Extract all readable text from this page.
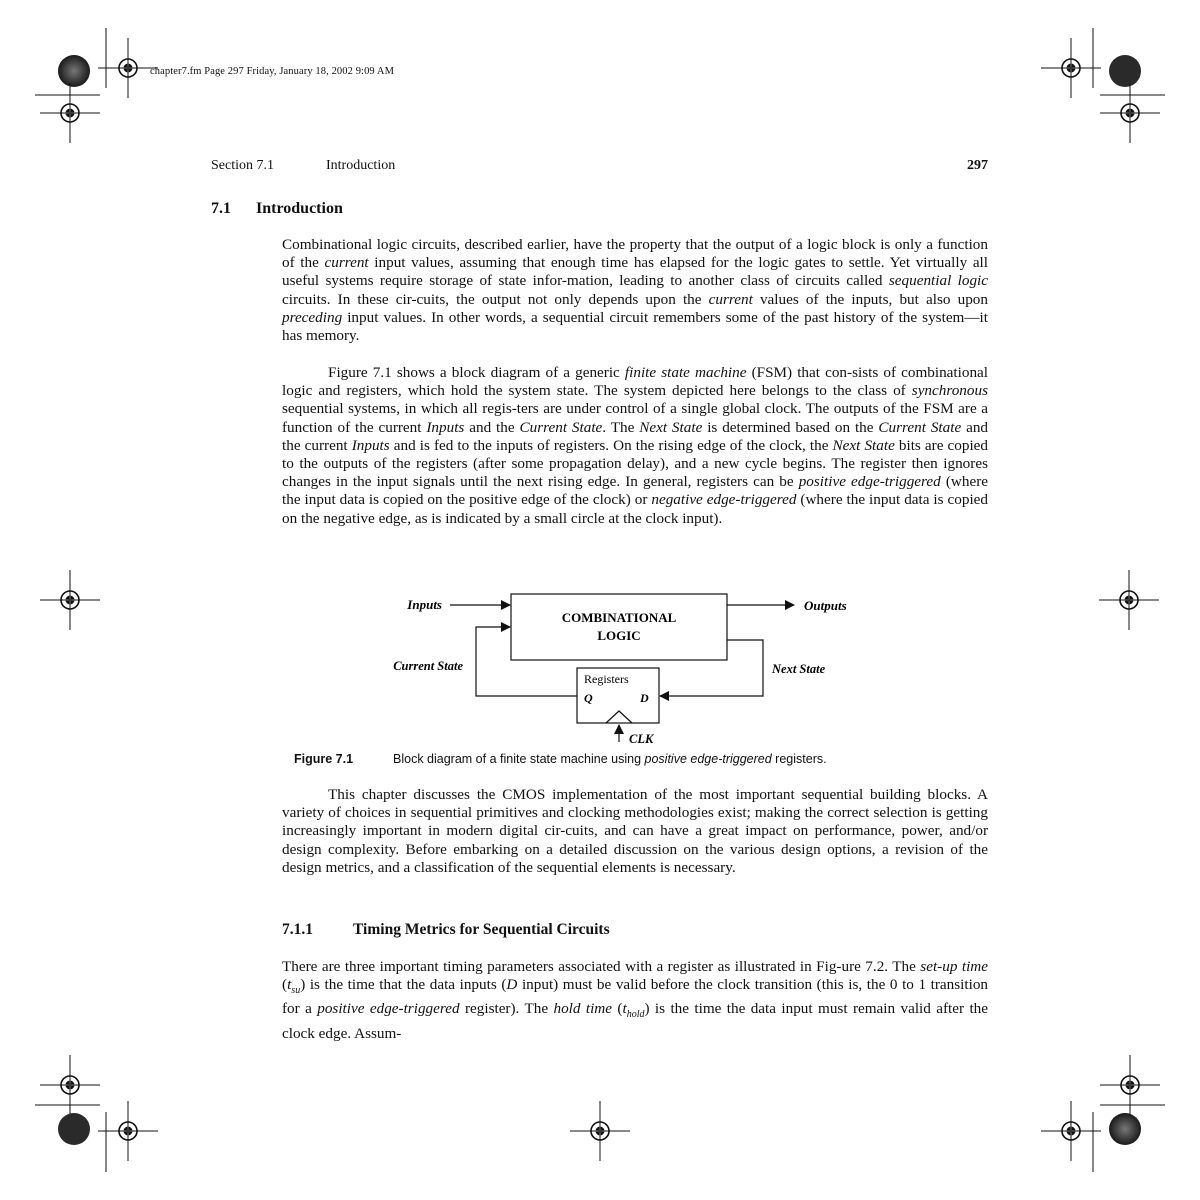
chapter7.fm Page 297 Friday, January 18, 2002 9:09 AM
Section 7.1	Introduction	297
7.1 Introduction

Combinational logic circuits, described earlier, have the property that the output of a logic block is only a function of the current input values, assuming that enough time has elapsed for the logic gates to settle. Yet virtually all useful systems require storage of state infor-mation, leading to another class of circuits called sequential logic circuits. In these cir-cuits, the output not only depends upon the current values of the inputs, but also upon preceding input values. In other words, a sequential circuit remembers some of the past history of the system—it has memory.

Figure 7.1 shows a block diagram of a generic finite state machine (FSM) that con-sists of combinational logic and registers, which hold the system state. The system depicted here belongs to the class of synchronous sequential systems, in which all regis-ters are under control of a single global clock. The outputs of the FSM are a function of the current Inputs and the Current State. The Next State is determined based on the Current State and the current Inputs and is fed to the inputs of registers. On the rising edge of the clock, the Next State bits are copied to the outputs of the registers (after some propagation delay), and a new cycle begins. The register then ignores changes in the input signals until the next rising edge. In general, registers can be positive edge-triggered (where the input data is copied on the positive edge of the clock) or negative edge-triggered (where the input data is copied on the negative edge, as is indicated by a small circle at the clock input).

COMBINATIONAL
LOGIC
Inputs	Outputs
Registers
Q	D
Next State
Current State
CLK
Figure 7.1	Block diagram of a finite state machine using positive edge-triggered registers.

This chapter discusses the CMOS implementation of the most important sequential building blocks. A variety of choices in sequential primitives and clocking methodologies exist; making the correct selection is getting increasingly important in modern digital cir-cuits, and can have a great impact on performance, power, and/or design complexity. Before embarking on a detailed discussion on the various design options, a revision of the design metrics, and a classification of the sequential elements is necessary.

7.1.1	Timing Metrics for Sequential Circuits

There are three important timing parameters associated with a register as illustrated in Fig-ure 7.2. The set-up time $(t_{su})$ is the time that the data inputs (D input) must be valid before the clock transition (this is, the 0 to 1 transition for a positive edge-triggered register). The hold time $(t_{hold})$ is the time the data input must remain valid after the clock edge. Assum-
